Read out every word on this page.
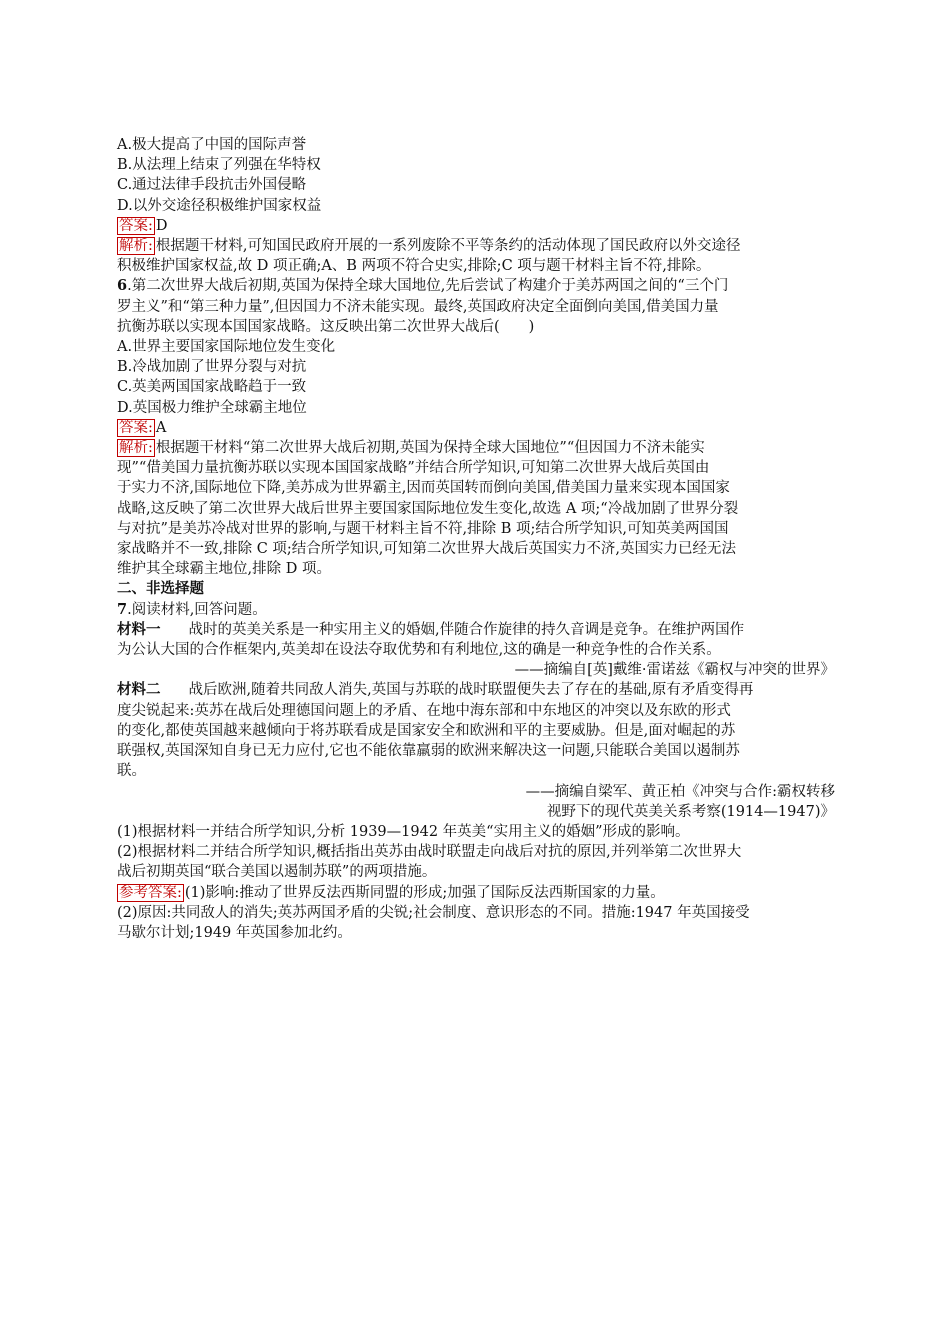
A.极大提高了中国的国际声誉
B.从法理上结束了列强在华特权
C.通过法律手段抗击外国侵略
D.以外交途径积极维护国家权益
答案: D
解析: 根据题干材料,可知国民政府开展的一系列废除不平等条约的活动体现了国民政府以外交途径
积极维护国家权益,故 D 项正确;A、B 两项不符合史实,排除;C 项与题干材料主旨不符,排除。
6.第二次世界大战后初期,英国为保持全球大国地位,先后尝试了构建介于美苏两国之间的“三个门
罗主义”和“第三种力量”,但因国力不济未能实现。最终,英国政府决定全面倒向美国,借美国力量
抗衡苏联以实现本国国家战略。这反映出第二次世界大战后(　　)
A.世界主要国家国际地位发生变化
B.冷战加剧了世界分裂与对抗
C.英美两国国家战略趋于一致
D.英国极力维护全球霸主地位
答案: A
解析: 根据题干材料“第二次世界大战后初期,英国为保持全球大国地位”“但因国力不济未能实
现”“借美国力量抗衡苏联以实现本国国家战略”并结合所学知识,可知第二次世界大战后英国由
于实力不济,国际地位下降,美苏成为世界霸主,因而英国转而倒向美国,借美国力量来实现本国国家
战略,这反映了第二次世界大战后世界主要国家国际地位发生变化,故选 A 项;“冷战加剧了世界分裂
与对抗”是美苏冷战对世界的影响,与题干材料主旨不符,排除 B 项;结合所学知识,可知英美两国国
家战略并不一致,排除 C 项;结合所学知识,可知第二次世界大战后英国实力不济,英国实力已经无法
维护其全球霸主地位,排除 D 项。
二、非选择题
7.阅读材料,回答问题。
材料一 战时的英美关系是一种实用主义的婚姻,伴随合作旋律的持久音调是竞争。在维护两国作
为公认大国的合作框架内,英美却在设法夺取优势和有利地位,这的确是一种竞争性的合作关系。
——摘编自[英]戴维·雷诺兹《霸权与冲突的世界》
材料二 战后欧洲,随着共同敌人消失,英国与苏联的战时联盟便失去了存在的基础,原有矛盾变得再
度尖锐起来:英苏在战后处理德国问题上的矛盾、在地中海东部和中东地区的冲突以及东欧的形式
的变化,都使英国越来越倾向于将苏联看成是国家安全和欧洲和平的主要威胁。但是,面对崛起的苏
联强权,英国深知自身已无力应付,它也不能依靠羸弱的欧洲来解决这一问题,只能联合美国以遏制苏
联。
——摘编自梁军、黄正柏《冲突与合作:霸权转移
视野下的现代英美关系考察(1914—1947)》
(1)根据材料一并结合所学知识,分析 1939—1942 年英美“实用主义的婚姻”形成的影响。
(2)根据材料二并结合所学知识,概括指出英苏由战时联盟走向战后对抗的原因,并列举第二次世界大
战后初期英国“联合美国以遏制苏联”的两项措施。
参考答案: (1)影响:推动了世界反法西斯同盟的形成;加强了国际反法西斯国家的力量。
(2)原因:共同敌人的消失;英苏两国矛盾的尖锐;社会制度、意识形态的不同。措施:1947 年英国接受
马歇尔计划;1949 年英国参加北约。
